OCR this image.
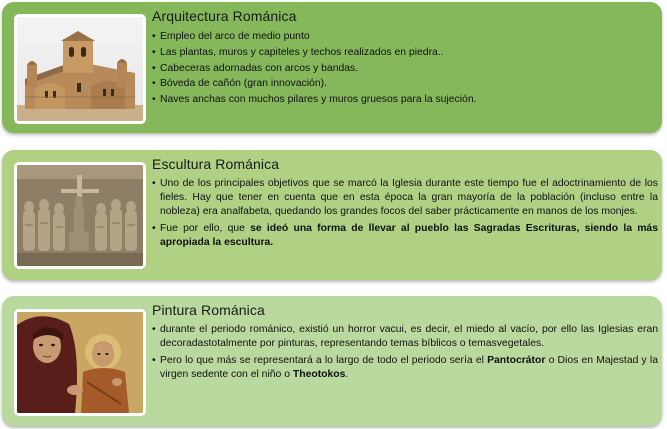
Arquitectura Románica
• Empleo del arco de medio punto
• Las plantas, muros y capiteles y techos realizados en piedra..
• Cabeceras adornadas con arcos y bandas.
• Bóveda de cañón (gran innovación).
• Naves anchas con muchos pilares y muros gruesos para la sujeción.
Escultura Románica
• Uno de los principales objetivos que se marcó la Iglesia durante este tiempo fue el adoctrinamiento de los fieles. Hay que tener en cuenta que en esta época la gran mayoría de la población (incluso entre la nobleza) era analfabeta, quedando los grandes focos del saber prácticamente en manos de los monjes.
• Fue por ello, que se ideó una forma de llevar al pueblo las Sagradas Escrituras, siendo la más apropiada la escultura.
Pintura Románica
• durante el periodo románico, existió un horror vacui, es decir, el miedo al vacío, por ello las Iglesias eran decoradastotalmente por pinturas, representando temas bíblicos o temasvegetales.
• Pero lo que más se representará a lo largo de todo el periodo sería el Pantocrátor o Dios en Majestad y la virgen sedente con el niño o Theotokos.
